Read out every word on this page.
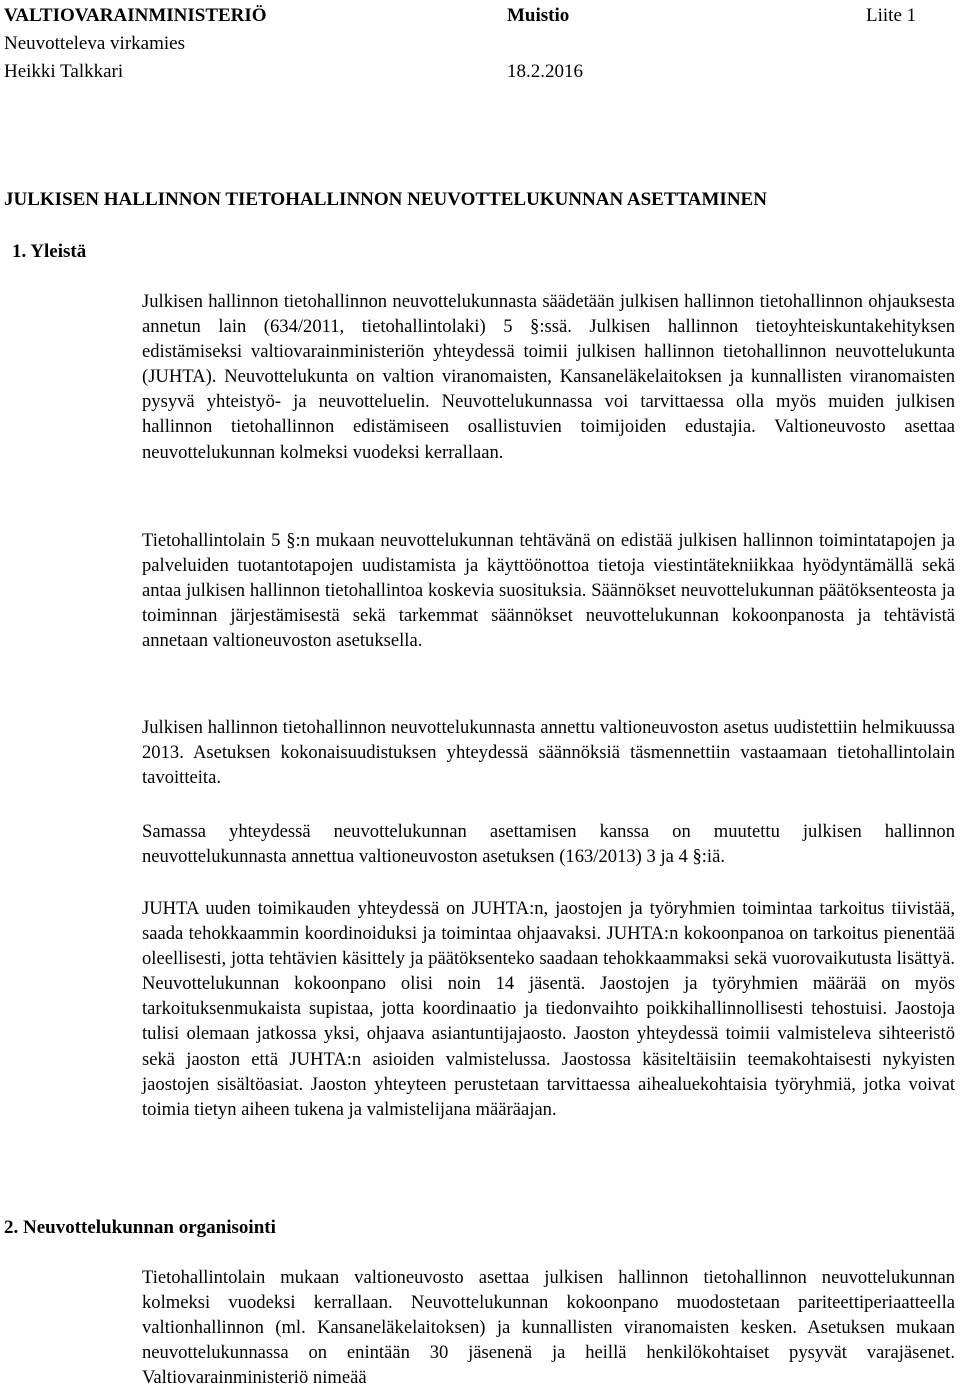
VALTIOVARAINMINISTERIÖ	Muistio	Liite 1
Neuvotteleva virkamies
Heikki Talkkari	18.2.2016
JULKISEN HALLINNON TIETOHALLINNON NEUVOTTELUKUNNAN ASETTAMINEN
1. Yleistä
Julkisen hallinnon tietohallinnon neuvottelukunnasta säädetään julkisen hallinnon tietohallinnon ohjauksesta annetun lain (634/2011, tietohallintolaki) 5 §:ssä. Julkisen hallinnon tietoyhteiskuntakehityksen edistämiseksi valtiovarainministeriön yhteydessä toimii julkisen hallinnon tietohallinnon neuvottelukunta (JUHTA). Neuvottelukunta on valtion viranomaisten, Kansaneläkelaitoksen ja kunnallisten viranomaisten pysyvä yhteistyö- ja neuvotteluelin. Neuvottelukunnassa voi tarvittaessa olla myös muiden julkisen hallinnon tietohallinnon edistämiseen osallistuvien toimijoiden edustajia. Valtioneuvosto asettaa neuvottelukunnan kolmeksi vuodeksi kerrallaan.
Tietohallintolain 5 §:n mukaan neuvottelukunnan tehtävänä on edistää julkisen hallinnon toimintatapojen ja palveluiden tuotantotapojen uudistamista ja käyttöönottoa tietoja viestintätekniikkaa hyödyntämällä sekä antaa julkisen hallinnon tietohallintoa koskevia suosituksia. Säännökset neuvottelukunnan päätöksenteosta ja toiminnan järjestämisestä sekä tarkemmat säännökset neuvottelukunnan kokoonpanosta ja tehtävistä annetaan valtioneuvoston asetuksella.
Julkisen hallinnon tietohallinnon neuvottelukunnasta annettu valtioneuvoston asetus uudistettiin helmikuussa 2013. Asetuksen kokonaisuudistuksen yhteydessä säännöksiä täsmennettiin vastaamaan tietohallintolain tavoitteita.
Samassa yhteydessä neuvottelukunnan asettamisen kanssa on muutettu julkisen hallinnon neuvottelukunnasta annettua valtioneuvoston asetuksen (163/2013) 3 ja 4 §:iä.
JUHTA uuden toimikauden yhteydessä on JUHTA:n, jaostojen ja työryhmien toimintaa tarkoitus tiivistää, saada tehokkaammin koordinoiduksi ja toimintaa ohjaavaksi. JUHTA:n kokoonpanoa on tarkoitus pienentää oleellisesti, jotta tehtävien käsittely ja päätöksenteko saadaan tehokkaammaksi sekä vuorovaikutusta lisättyä. Neuvottelukunnan kokoonpano olisi noin 14 jäsentä. Jaostojen ja työryhmien määrää on myös tarkoituksenmukaista supistaa, jotta koordinaatio ja tiedonvaihto poikkihallinnollisesti tehostuisi. Jaostoja tulisi olemaan jatkossa yksi, ohjaava asiantuntijajaosto. Jaoston yhteydessä toimii valmisteleva sihteeristö sekä jaoston että JUHTA:n asioiden valmistelussa. Jaostossa käsiteltäisiin teemakohtaisesti nykyisten jaostojen sisältöasiat. Jaoston yhteyteen perustetaan tarvittaessa aihealuekohtaisia työryhmiä, jotka voivat toimia tietyn aiheen tukena ja valmistelijana määräajan.
2. Neuvottelukunnan organisointi
Tietohallintolain mukaan valtioneuvosto asettaa julkisen hallinnon tietohallinnon neuvottelukunnan kolmeksi vuodeksi kerrallaan. Neuvottelukunnan kokoonpano muodostetaan pariteettiperiaatteella valtionhallinnon (ml. Kansaneläkelaitoksen) ja kunnallisten viranomaisten kesken. Asetuksen mukaan neuvottelukunnassa on enintään 30 jäsenenä ja heillä henkilökohtaiset pysyvät varajäsenet. Valtiovarainministeriö nimeää
